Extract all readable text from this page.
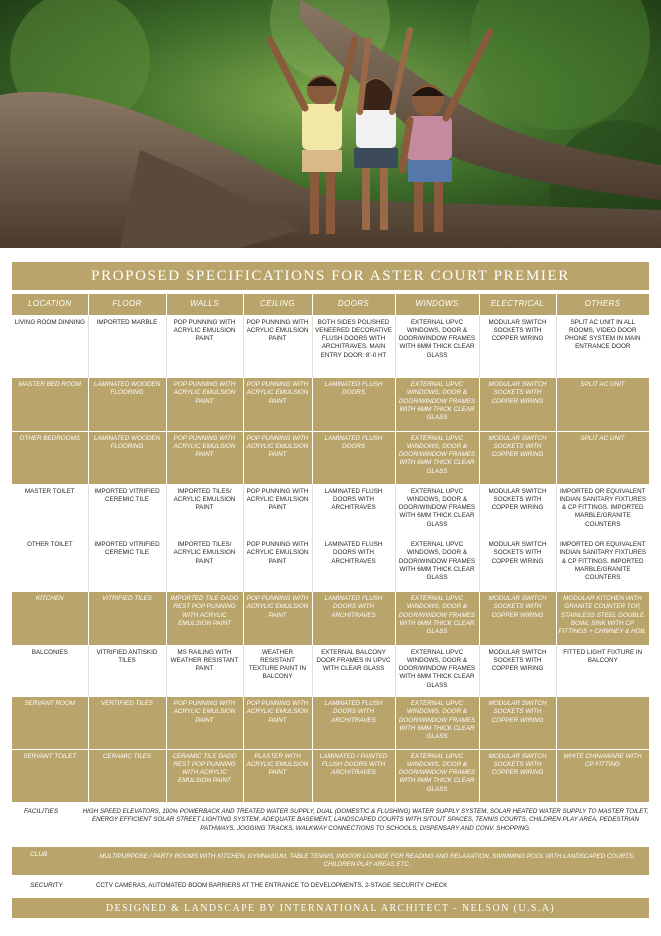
PROPOSED SPECIFICATIONS FOR ASTER COURT PREMIER
LOCATION	FLOOR	WALLS	CEILING	DOORS	WINDOWS	ELECTRICAL	OTHERS
LIVING ROOM DINNING	IMPORTED MARBLE	POP PUNNING WITH ACRYLIC EMULSION PAINT	POP PUNNING WITH ACRYLIC EMULSION PAINT	BOTH SIDES POLISHED VENEERED DECORATIVE FLUSH DOORS WITH ARCHITRAVES. MAIN ENTRY DOOR: 8'-0 HT	EXTERNAL UPVC WINDOWS, DOOR & DOOR/WINDOW FRAMES WITH 6MM THICK CLEAR GLASS	MODULAR SWITCH SOCKETS WITH COPPER WIRING	SPLIT AC UNIT IN ALL ROOMS, VIDEO DOOR PHONE SYSTEM IN MAIN ENTRANCE DOOR
MASTER BED ROOM	LAMINATED WOODEN FLOORING	POP PUNNING WITH ACRYLIC EMULSION PAINT	POP PUNNING WITH ACRYLIC EMULSION PAINT	LAMINATED FLUSH DOORS	EXTERNAL UPVC WINDOWS, DOOR & DOOR/WINDOW FRAMES WITH 6MM THICK CLEAR GLASS	MODULAR SWITCH SOCKETS WITH COPPER WIRING	SPLIT AC UNIT
OTHER BEDROOMS	LAMINATED WOODEN FLOORING	POP PUNNING WITH ACRYLIC EMULSION PAINT	POP PUNNING WITH ACRYLIC EMULSION PAINT	LAMINATED FLUSH DOORS	EXTERNAL UPVC WINDOWS, DOOR & DOOR/WINDOW FRAMES WITH 6MM THICK CLEAR GLASS	MODULAR SWITCH SOCKETS WITH COPPER WIRING	SPLIT AC UNIT
MASTER TOILET	IMPORTED VITRIFIED CEREMIC TILE	IMPORTED TILES/ ACRYLIC EMULSION PAINT	POP PUNNING WITH ACRYLIC EMULSION PAINT	LAMINATED FLUSH DOORS WITH ARCHITRAVES	EXTERNAL UPVC WINDOWS, DOOR & DOOR/WINDOW FRAMES WITH 6MM THICK CLEAR GLASS	MODULAR SWITCH SOCKETS WITH COPPER WIRING	IMPORTED OR EQUIVALENT INDIAN SANITARY FIXTURES & CP FITTINGS. IMPORTED MARBLE/GRANITE COUNTERS
OTHER TOILET	IMPORTED VITRIFIED CEREMIC TILE	IMPORTED TILES/ ACRYLIC EMULSION PAINT	POP PUNNING WITH ACRYLIC EMULSION PAINT	LAMINATED FLUSH DOORS WITH ARCHITRAVES	EXTERNAL UPVC WINDOWS, DOOR & DOOR/WINDOW FRAMES WITH 6MM THICK CLEAR GLASS	MODULAR SWITCH SOCKETS WITH COPPER WIRING	IMPORTED OR EQUIVALENT INDIAN SANITARY FIXTURES & CP FITTINGS. IMPORTED MARBLE/GRANITE COUNTERS
KITCHEN	VITRIFIED TILES	IMPORTED TILE DADO REST POP PUNNING WITH ACRYLIC EMULSION PAINT	POP PUNNING WITH ACRYLIC EMULSION PAINT	LAMINATED FLUSH DOORS WITH ARCHITRAVES	EXTERNAL UPVC WINDOWS, DOOR & DOOR/WINDOW FRAMES WITH 6MM THICK CLEAR GLASS	MODULAR SWITCH SOCKETS WITH COPPER WIRING	MODULAR KITCHEN WITH GRANITE COUNTER TOP, STAINLESS STEEL DOUBLE BOWL SINK WITH CP FITTINGS + CHIMNEY & HOB.
BALCONIES	VITRIFIED ANTISKID TILES	MS RAILING WITH WEATHER RESISTANT PAINT	WEATHER RESISTANT TEXTURE PAINT IN BALCONY	EXTERNAL BALCONY DOOR FRAMES IN UPVC WITH CLEAR GLASS	EXTERNAL UPVC WINDOWS, DOOR & DOOR/WINDOW FRAMES WITH 6MM THICK CLEAR GLASS	MODULAR SWITCH SOCKETS WITH COPPER WIRING	FITTED LIGHT FIXTURE IN BALCONY
SERVANT ROOM	VERTIFIED TILES	POP PUNNING WITH ACRYLIC EMULSION PAINT	POP PUNNING WITH ACRYLIC EMULSION PAINT	LAMINATED FLUSH DOORS WITH ARCHITRAVES	EXTERNAL UPVC WINDOWS, DOOR & DOOR/WINDOW FRAMES WITH 6MM THICK CLEAR GLASS	MODULAR SWITCH SOCKETS WITH COPPER WIRING	
SERVANT TOILET	CERAMIC TILES	CERAMIC TILE DADO REST POP PUNNING WITH ACRYLIC EMULSION PAINT	PLASTER WITH ACRYLIC EMULSION PAINT	LAMINATED / PAINTED FLUSH DOORS WITH ARCHITRAVES	EXTERNAL UPVC WINDOWS, DOOR & DOOR/WINDOW FRAMES WITH 6MM THICK CLEAR GLASS	MODULAR SWITCH SOCKETS WITH COPPER WIRING	WHITE CHINAWARE WITH CP FITTING
FACILITIES	HIGH SPEED ELEVATORS, 100% POWERBACK AND TREATED WATER SUPPLY, DUAL (DOMESTIC & FLUSHING) WATER SUPPLY SYSTEM, SOLAR HEATED WATER SUPPLY TO MASTER TOILET, ENERGY EFFICIENT SOLAR STREET LIGHTING SYSTEM, ADEQUATE BASEMENT, LANDSCAPED COURTS WITH SITOUT SPACES, TENNIS COURTS, CHILDREN PLAY AREA, PEDESTRIAN PATHWAYS, JOGGING TRACKS, WALKWAY CONNECTIONS TO SCHOOLS, DISPENSARY AND CONV. SHOPPING.
CLUB	MULTIPURPOSE / PARTY ROOMS WITH KITCHEN, GYMNASIUM, TABLE TENNIS, INDOOR LOUNGE FOR READING AND RELAXATION, SWIMMING POOL WITH LANDSCAPED COURTS, CHILDREN PLAY AREAS ETC.
SECURITY	CCTV CAMERAS, AUTOMATED BOOM BARRIERS AT THE ENTRANCE TO DEVELOPMENTS, 2-STAGE SECURITY CHECK
DESIGNED & LANDSCAPE BY INTERNATIONAL ARCHITECT - NELSON (U.S.A)
